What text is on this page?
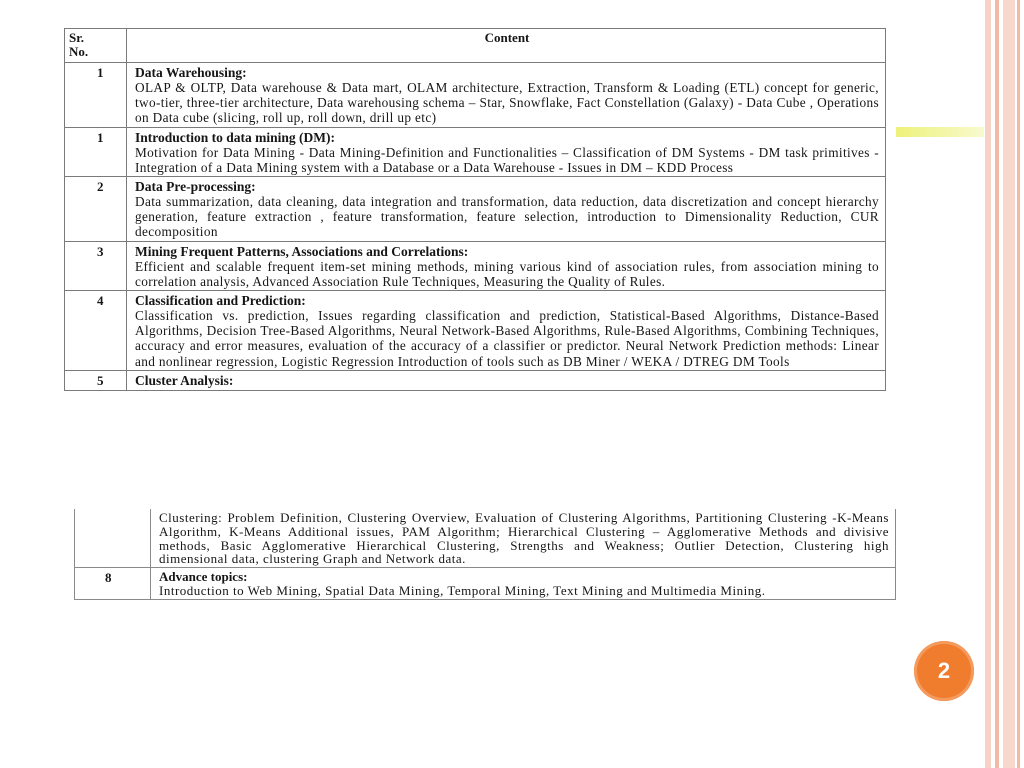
Sr.
No.	Content
1	Data Warehousing:

OLAP & OLTP, Data warehouse & Data mart, OLAM architecture, Extraction, Transform & Loading (ETL) concept for generic, two-tier, three-tier architecture, Data warehousing schema – Star, Snowflake, Fact Constellation (Galaxy) - Data Cube , Operations on Data cube (slicing, roll up, roll down, drill up etc)

1	Introduction to data mining (DM):

Motivation for Data Mining - Data Mining-Definition and Functionalities – Classification of DM Systems - DM task primitives - Integration of a Data Mining system with a Database or a Data Warehouse - Issues in DM – KDD Process

2	Data Pre-processing:

Data summarization, data cleaning, data integration and transformation, data reduction, data discretization and concept hierarchy generation, feature extraction , feature transformation, feature selection, introduction to Dimensionality Reduction, CUR decomposition

3	Mining Frequent Patterns, Associations and Correlations:

Efficient and scalable frequent item-set mining methods, mining various kind of association rules, from association mining to correlation analysis, Advanced Association Rule Techniques, Measuring the Quality of Rules.

4	Classification and Prediction:

Classification vs. prediction, Issues regarding classification and prediction, Statistical-Based Algorithms, Distance-Based Algorithms, Decision Tree-Based Algorithms, Neural Network-Based Algorithms, Rule-Based Algorithms, Combining Techniques, accuracy and error measures, evaluation of the accuracy of a classifier or predictor. Neural Network Prediction methods: Linear and nonlinear regression, Logistic Regression Introduction of tools such as DB Miner / WEKA / DTREG DM Tools

5	Cluster Analysis:

	Clustering: Problem Definition, Clustering Overview, Evaluation of Clustering Algorithms, Partitioning Clustering -K-Means Algorithm, K-Means Additional issues, PAM Algorithm; Hierarchical Clustering – Agglomerative Methods and divisive methods, Basic Agglomerative Hierarchical Clustering, Strengths and Weakness; Outlier Detection, Clustering high dimensional data, clustering Graph and Network data.

8	Advance topics:

Introduction to Web Mining, Spatial Data Mining, Temporal Mining, Text Mining and Multimedia Mining.

2
